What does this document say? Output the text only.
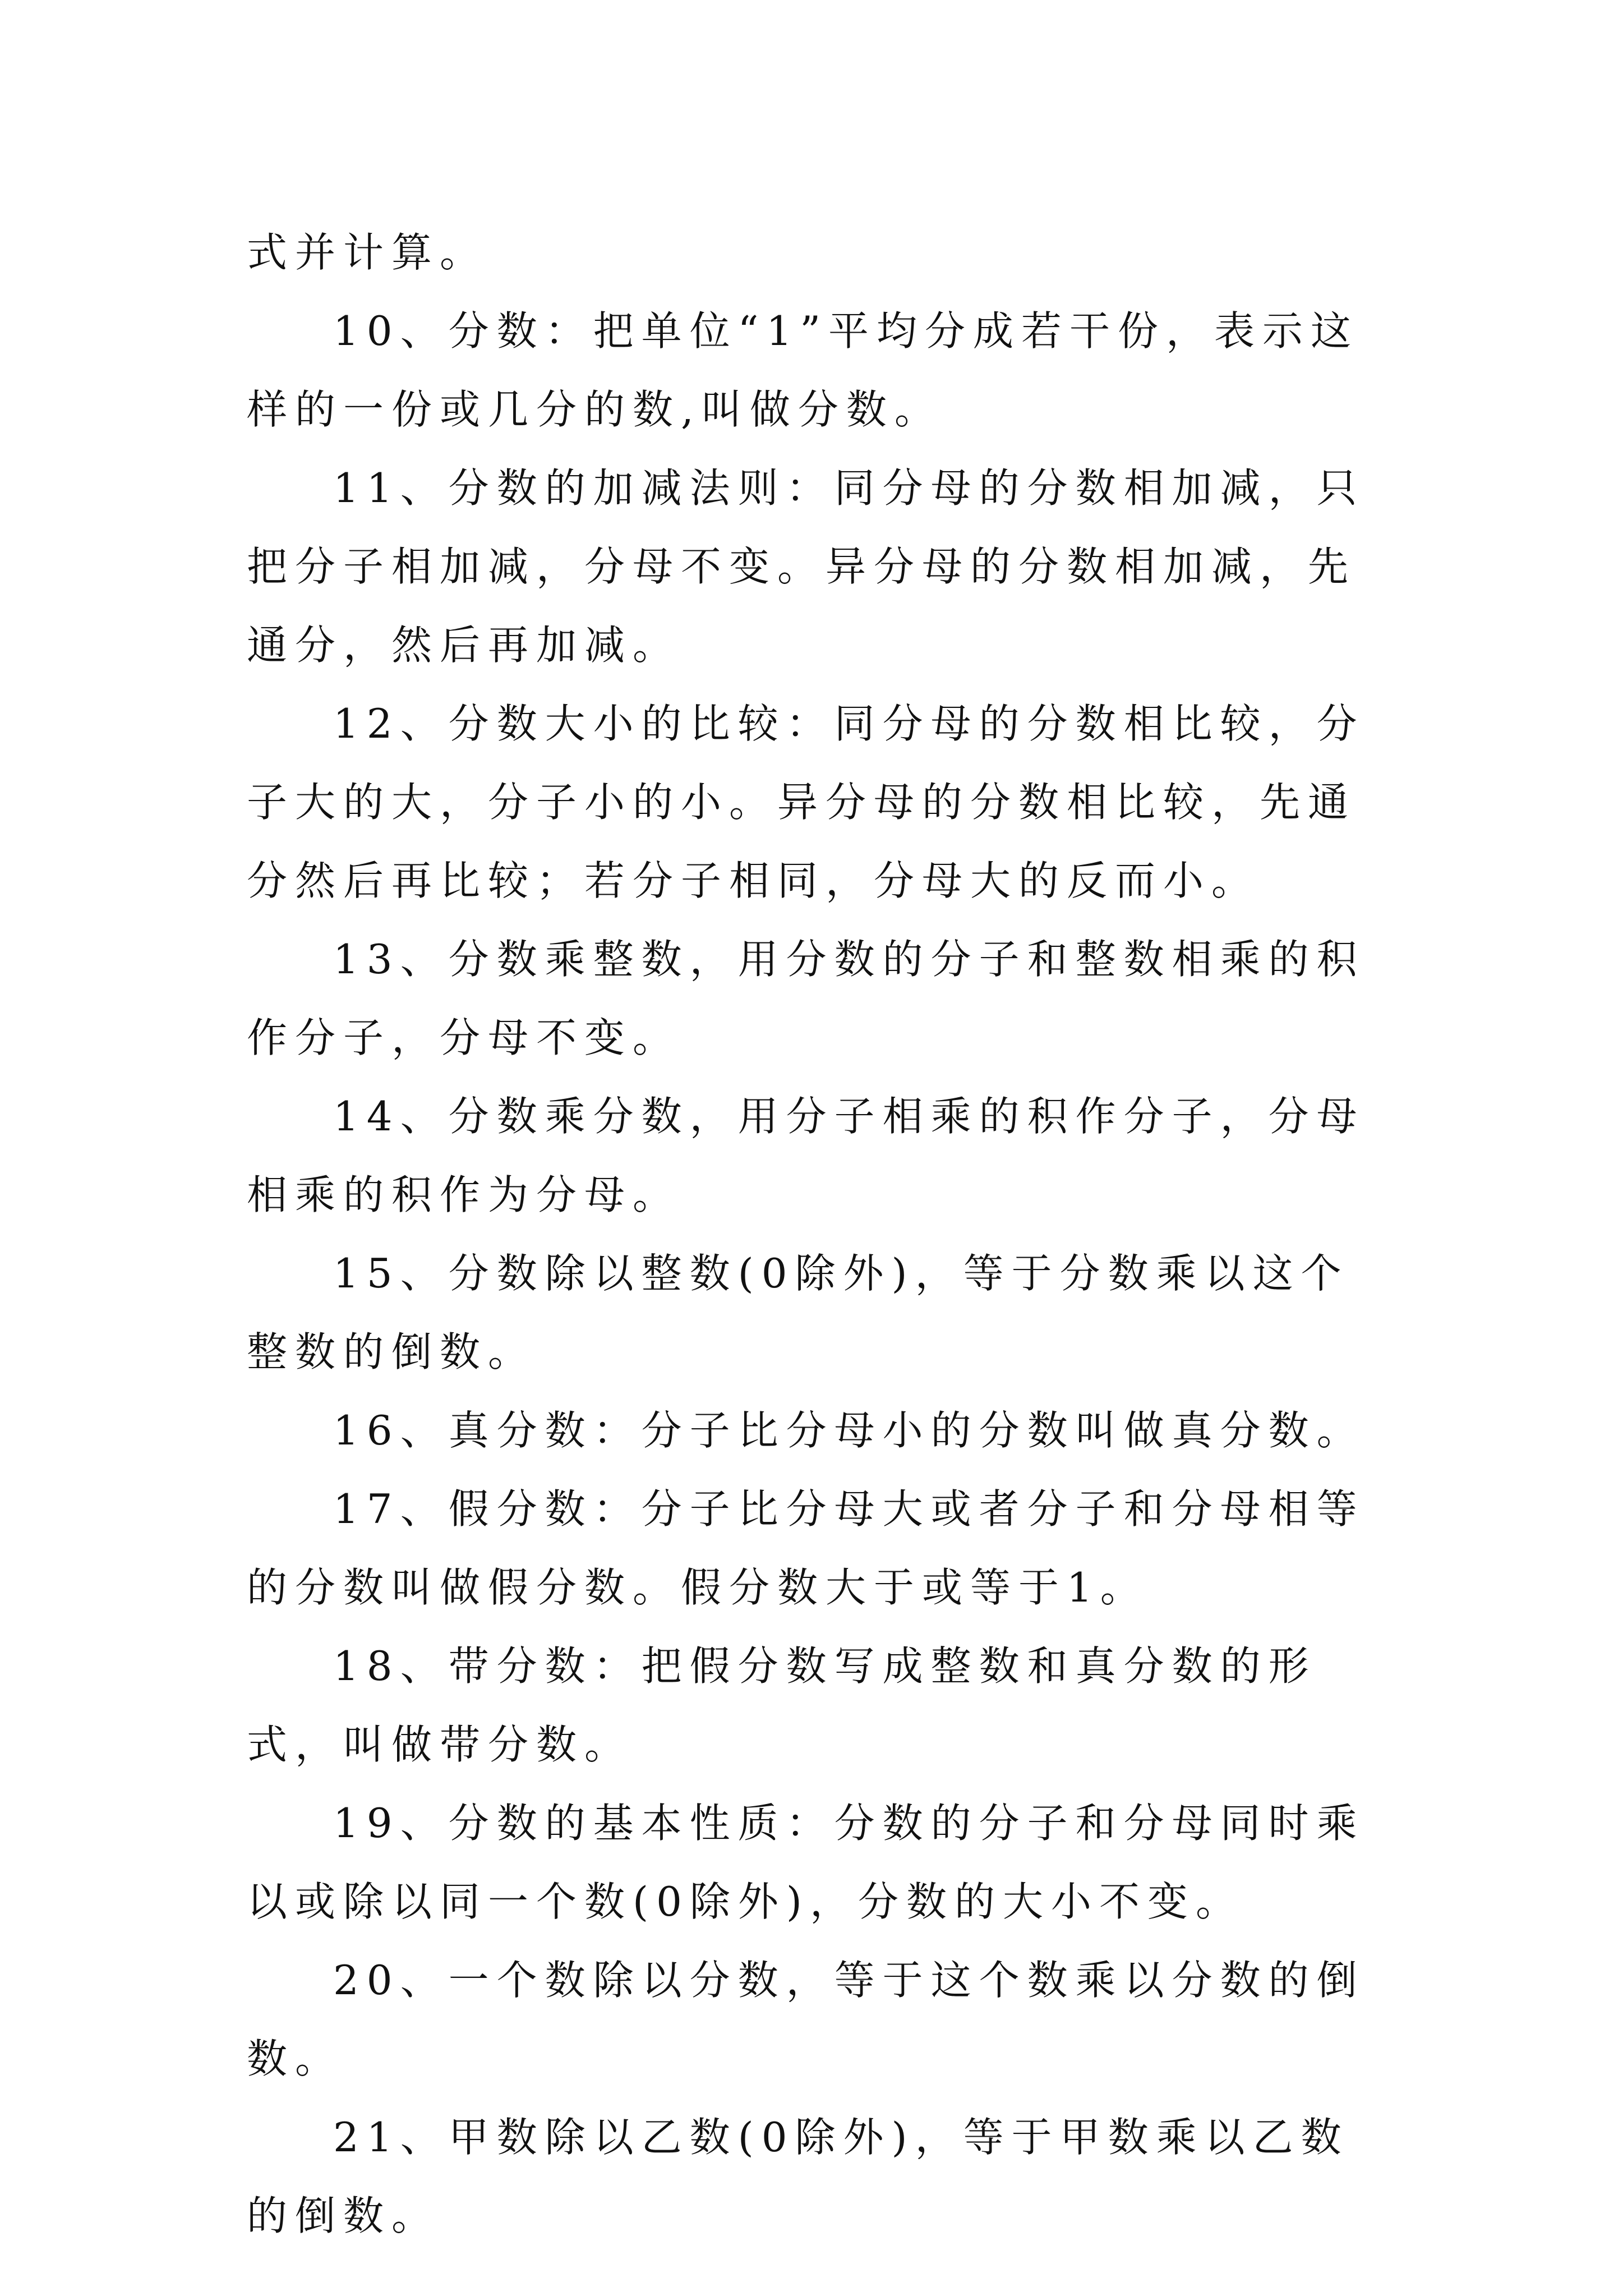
式并计算。

10、分数：把单位“1”平均分成若干份，表示这样的一份或几分的数,叫做分数。

11、分数的加减法则：同分母的分数相加减，只把分子相加减，分母不变。异分母的分数相加减，先通分，然后再加减。

12、分数大小的比较：同分母的分数相比较，分子大的大，分子小的小。异分母的分数相比较，先通分然后再比较；若分子相同，分母大的反而小。

13、分数乘整数，用分数的分子和整数相乘的积作分子，分母不变。

14、分数乘分数，用分子相乘的积作分子，分母相乘的积作为分母。

15、分数除以整数(0除外)，等于分数乘以这个整数的倒数。

16、真分数：分子比分母小的分数叫做真分数。

17、假分数：分子比分母大或者分子和分母相等的分数叫做假分数。假分数大于或等于1。

18、带分数：把假分数写成整数和真分数的形式，叫做带分数。

19、分数的基本性质：分数的分子和分母同时乘以或除以同一个数(0除外)，分数的大小不变。

20、一个数除以分数，等于这个数乘以分数的倒数。

21、甲数除以乙数(0除外)，等于甲数乘以乙数的倒数。
